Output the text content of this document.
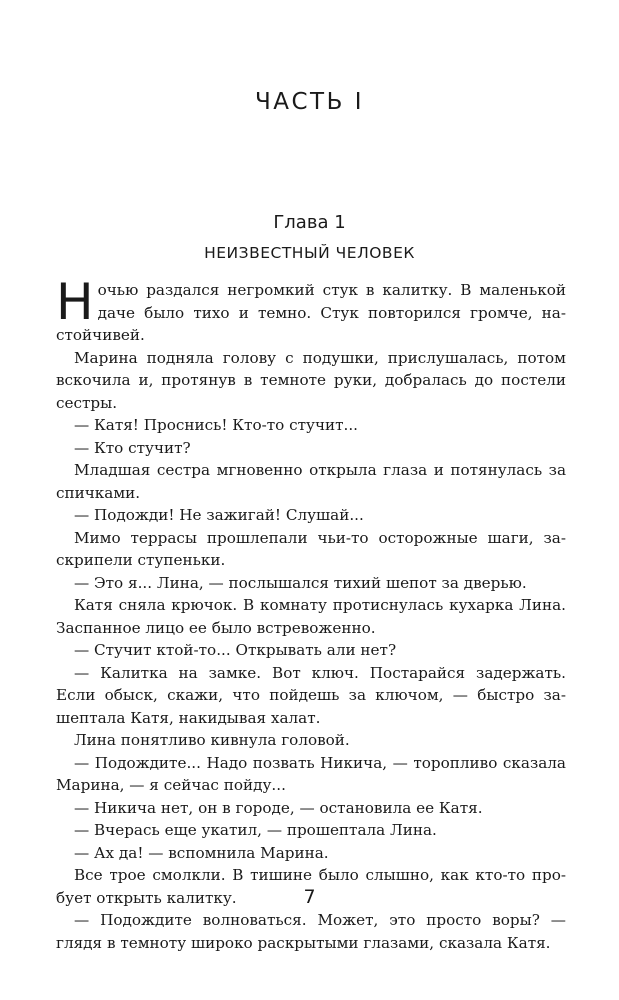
ЧАСТЬ I
Глава 1
НЕИЗВЕСТНЫЙ ЧЕЛОВЕК

Ночью раздался негромкий стук в калитку. В маленькой даче было тихо и темно. Стук повторился громче, настойчивей.

Марина подняла голову с подушки, прислушалась, потом вскочила и, протянув в темноте руки, добралась до постели сестры.

— Катя! Проснись! Кто-то стучит...

— Кто стучит?

Младшая сестра мгновенно открыла глаза и потянулась за спичками.

— Подожди! Не зажигай! Слушай...

Мимо террасы прошлепали чьи-то осторожные шаги, заскрипели ступеньки.

— Это я... Лина, — послышался тихий шепот за дверью.

Катя сняла крючок. В комнату протиснулась кухарка Лина. Заспанное лицо ее было встревоженно.

— Стучит ктой-то... Открывать али нет?

— Калитка на замке. Вот ключ. Постарайся задержать. Если обыск, скажи, что пойдешь за ключом, — быстро зашептала Катя, накидывая халат.

Лина понятливо кивнула головой.

— Подождите... Надо позвать Никича, — торопливо сказала Марина, — я сейчас пойду...

— Никича нет, он в городе, — остановила ее Катя.

— Вчерась еще укатил, — прошептала Лина.

— Ах да! — вспомнила Марина.

Все трое смолкли. В тишине было слышно, как кто-то пробует открыть калитку.

— Подождите волноваться. Может, это просто воры? — глядя в темноту широко раскрытыми глазами, сказала Катя.

7
